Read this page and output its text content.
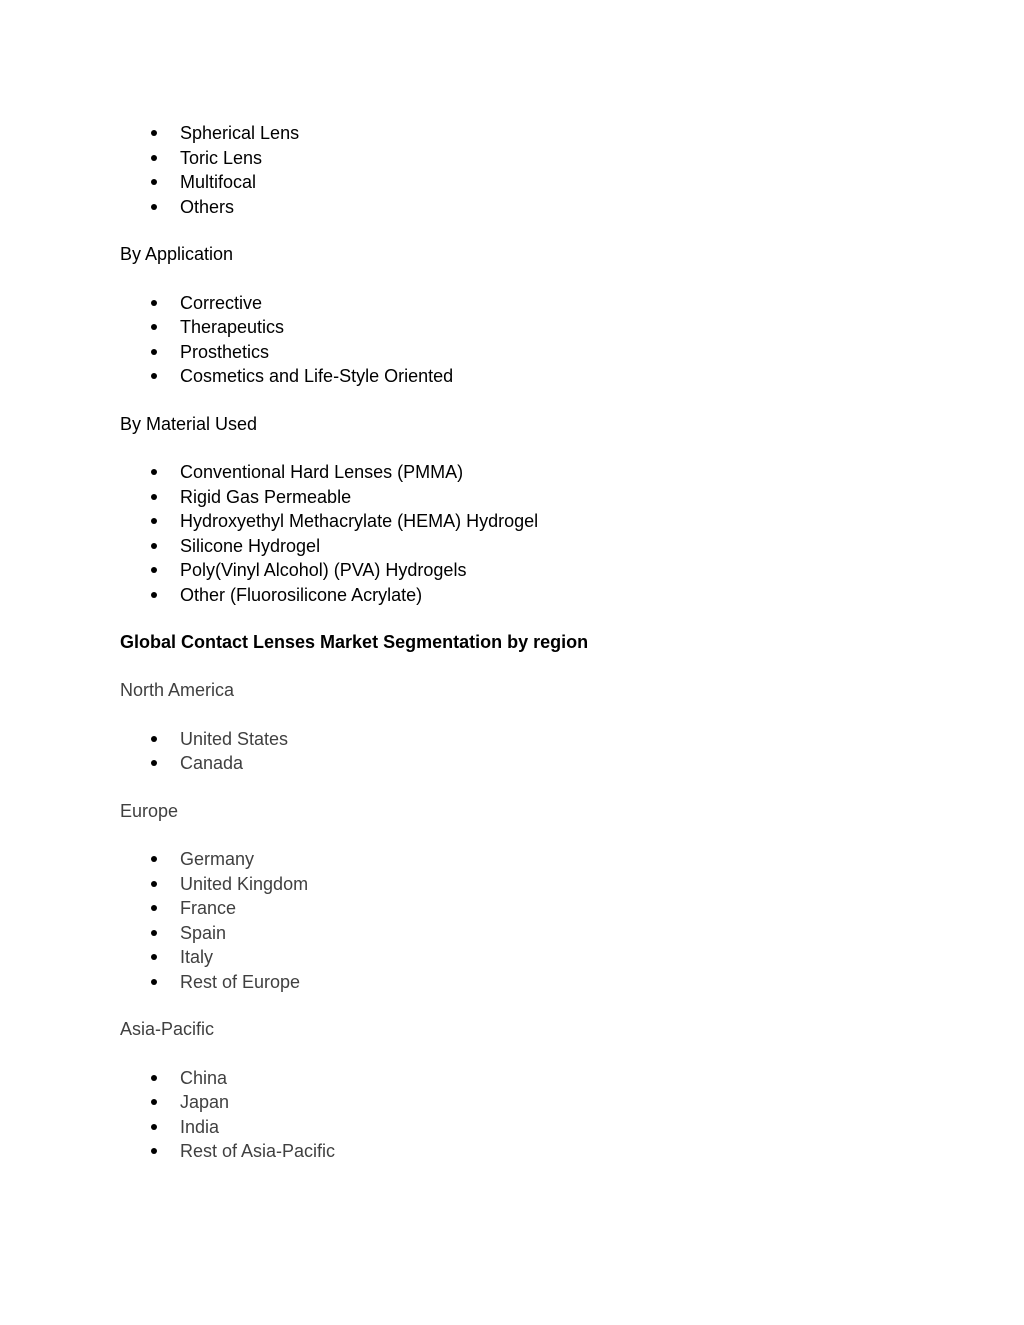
Spherical Lens
Toric Lens
Multifocal
Others
By Application
Corrective
Therapeutics
Prosthetics
Cosmetics and Life-Style Oriented
By Material Used
Conventional Hard Lenses (PMMA)
Rigid Gas Permeable
Hydroxyethyl Methacrylate (HEMA) Hydrogel
Silicone Hydrogel
Poly(Vinyl Alcohol) (PVA) Hydrogels
Other (Fluorosilicone Acrylate)
Global Contact Lenses Market Segmentation by region
North America
United States
Canada
Europe
Germany
United Kingdom
France
Spain
Italy
Rest of Europe
Asia-Pacific
China
Japan
India
Rest of Asia-Pacific
